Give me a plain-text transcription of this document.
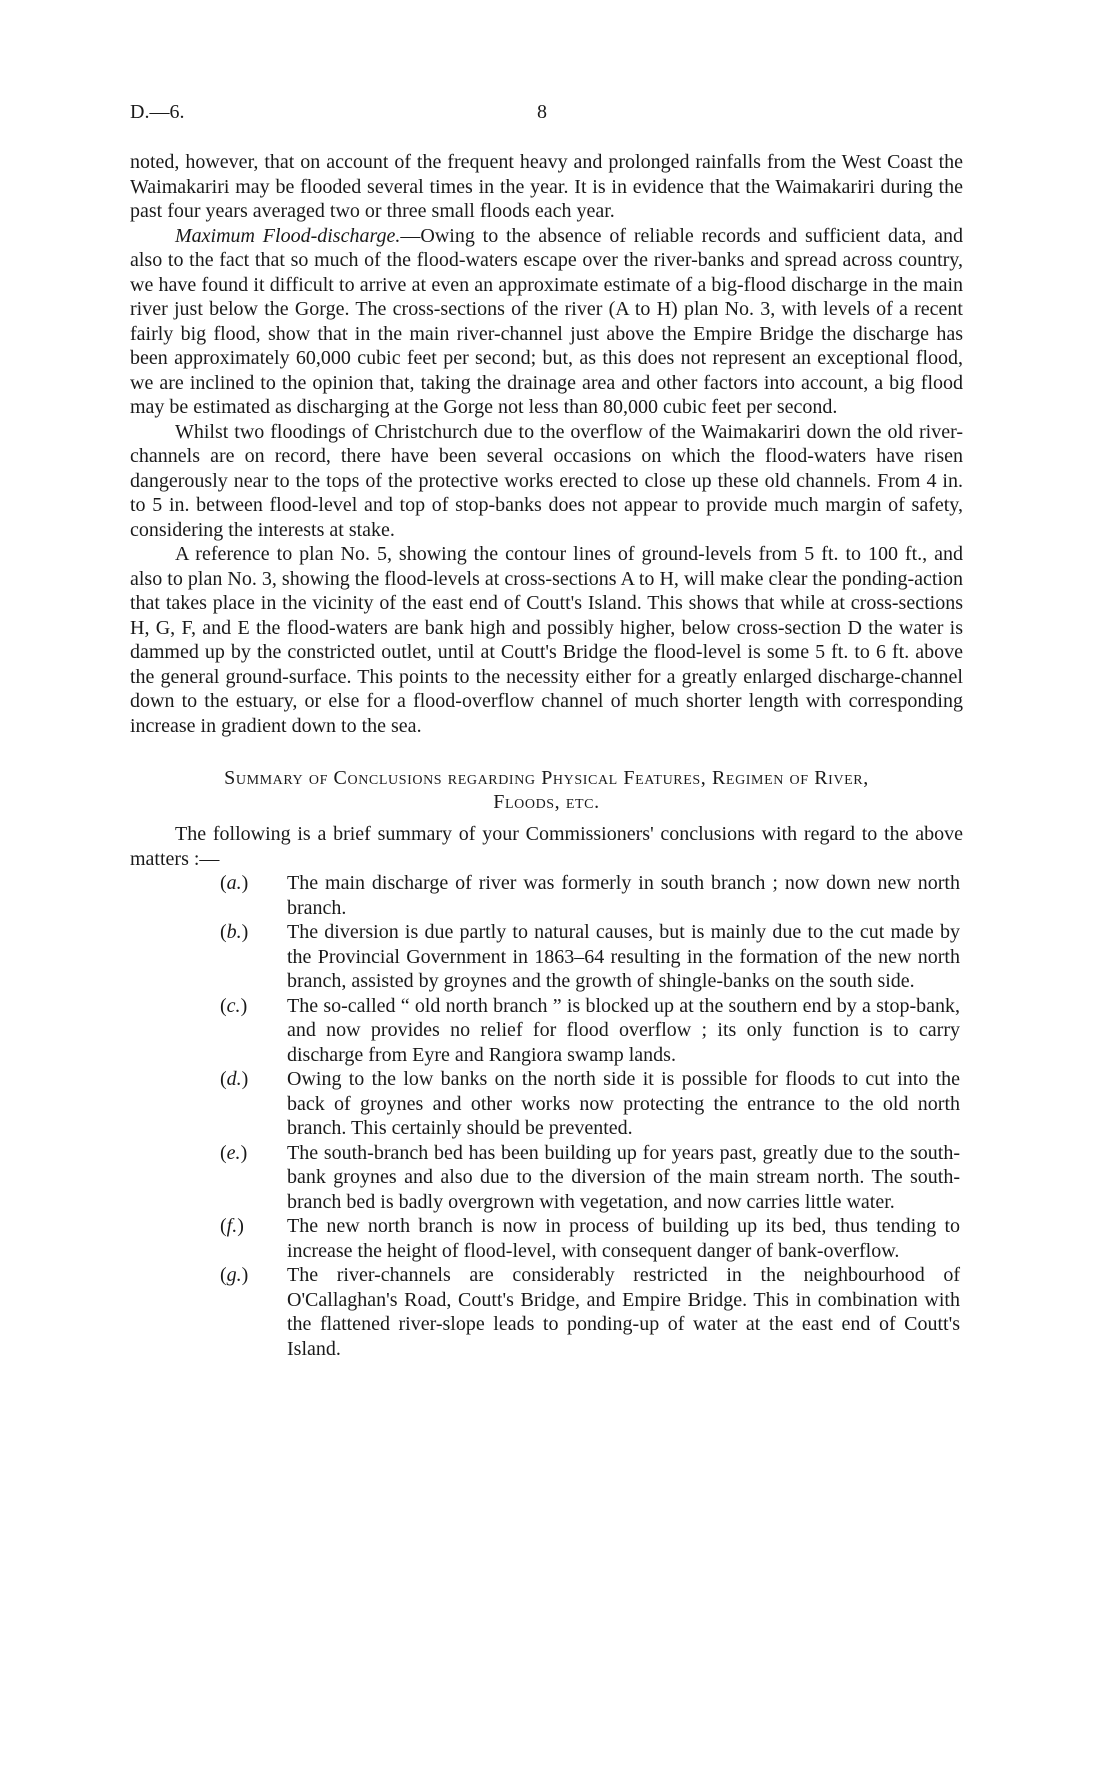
D.—6.	8

noted, however, that on account of the frequent heavy and prolonged rainfalls from the West Coast the Waimakariri may be flooded several times in the year. It is in evidence that the Waimakariri during the past four years averaged two or three small floods each year.

Maximum Flood-discharge.—Owing to the absence of reliable records and sufficient data, and also to the fact that so much of the flood-waters escape over the river-banks and spread across country, we have found it difficult to arrive at even an approximate estimate of a big-flood discharge in the main river just below the Gorge. The cross-sections of the river (A to H) plan No. 3, with levels of a recent fairly big flood, show that in the main river-channel just above the Empire Bridge the discharge has been approximately 60,000 cubic feet per second; but, as this does not represent an exceptional flood, we are inclined to the opinion that, taking the drainage area and other factors into account, a big flood may be estimated as discharging at the Gorge not less than 80,000 cubic feet per second.

Whilst two floodings of Christchurch due to the overflow of the Waimakariri down the old river-channels are on record, there have been several occasions on which the flood-waters have risen dangerously near to the tops of the protective works erected to close up these old channels. From 4 in. to 5 in. between flood-level and top of stop-banks does not appear to provide much margin of safety, considering the interests at stake.

A reference to plan No. 5, showing the contour lines of ground-levels from 5 ft. to 100 ft., and also to plan No. 3, showing the flood-levels at cross-sections A to H, will make clear the ponding-action that takes place in the vicinity of the east end of Coutt's Island. This shows that while at cross-sections H, G, F, and E the flood-waters are bank high and possibly higher, below cross-section D the water is dammed up by the constricted outlet, until at Coutt's Bridge the flood-level is some 5 ft. to 6 ft. above the general ground-surface. This points to the necessity either for a greatly enlarged discharge-channel down to the estuary, or else for a flood-overflow channel of much shorter length with corresponding increase in gradient down to the sea.

Summary of Conclusions regarding Physical Features, Regimen of River,
Floods, etc.

The following is a brief summary of your Commissioners' conclusions with regard to the above matters :—

(a.) The main discharge of river was formerly in south branch ; now down new north branch.
(b.) The diversion is due partly to natural causes, but is mainly due to the cut made by the Provincial Government in 1863–64 resulting in the formation of the new north branch, assisted by groynes and the growth of shingle-banks on the south side.
(c.) The so-called “ old north branch ” is blocked up at the southern end by a stop-bank, and now provides no relief for flood overflow ; its only function is to carry discharge from Eyre and Rangiora swamp lands.
(d.) Owing to the low banks on the north side it is possible for floods to cut into the back of groynes and other works now protecting the entrance to the old north branch. This certainly should be prevented.
(e.) The south-branch bed has been building up for years past, greatly due to the south-bank groynes and also due to the diversion of the main stream north. The south-branch bed is badly overgrown with vegetation, and now carries little water.
(f.) The new north branch is now in process of building up its bed, thus tending to increase the height of flood-level, with consequent danger of bank-overflow.
(g.) The river-channels are considerably restricted in the neighbourhood of O'Callaghan's Road, Coutt's Bridge, and Empire Bridge. This in combination with the flattened river-slope leads to ponding-up of water at the east end of Coutt's Island.
